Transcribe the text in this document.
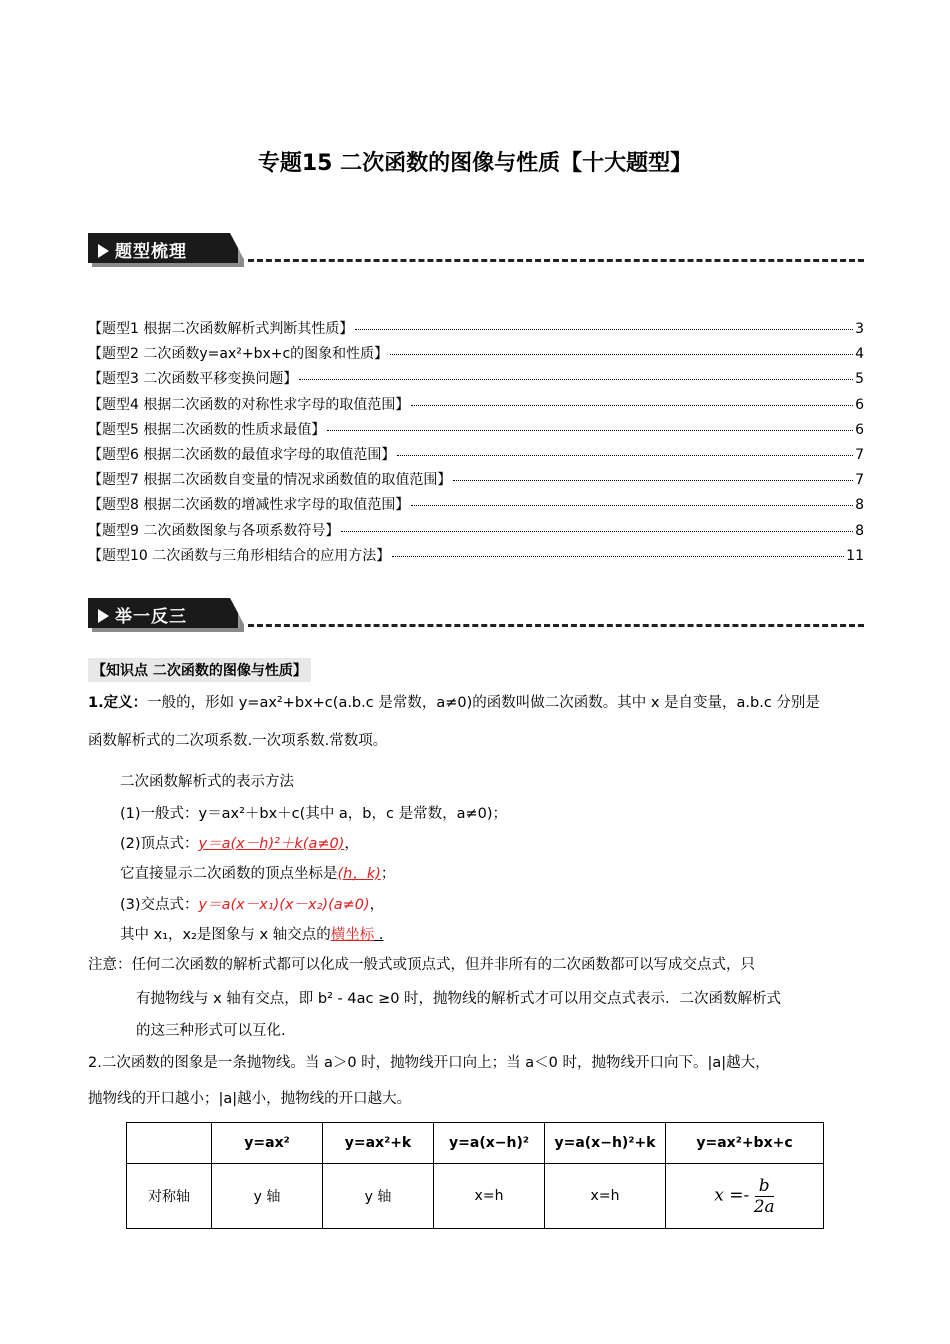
专题15 二次函数的图像与性质【十大题型】
题型梳理
【题型1 根据二次函数解析式判断其性质】	3
【题型2 二次函数y=ax²+bx+c的图象和性质】	4
【题型3 二次函数平移变换问题】	5
【题型4 根据二次函数的对称性求字母的取值范围】	6
【题型5 根据二次函数的性质求最值】	6
【题型6 根据二次函数的最值求字母的取值范围】	7
【题型7 根据二次函数自变量的情况求函数值的取值范围】	7
【题型8 根据二次函数的增减性求字母的取值范围】	8
【题型9 二次函数图象与各项系数符号】	8
【题型10 二次函数与三角形相结合的应用方法】	11
举一反三
【知识点 二次函数的图像与性质】
1.定义：一般的，形如 y=ax²+bx+c(a.b.c 是常数，a≠0)的函数叫做二次函数。其中 x 是自变量，a.b.c 分别是
函数解析式的二次项系数.一次项系数.常数项。
二次函数解析式的表示方法
(1)一般式：y＝ax²＋bx＋c(其中 a，b，c 是常数，a≠0)；
(2)顶点式：y＝a(x－h)²＋k(a≠0)，
它直接显示二次函数的顶点坐标是(h，k)；
(3)交点式：y＝a(x－x₁)(x－x₂)(a≠0)，
其中 x₁，x₂是图象与 x 轴交点的横坐标 .
注意：任何二次函数的解析式都可以化成一般式或顶点式，但并非所有的二次函数都可以写成交点式，只
有抛物线与 x 轴有交点，即 b² - 4ac ≥0 时，抛物线的解析式才可以用交点式表示．二次函数解析式
的这三种形式可以互化.
2.二次函数的图象是一条抛物线。当 a＞0 时，抛物线开口向上；当 a＜0 时，抛物线开口向下。|a|越大，
抛物线的开口越小；|a|越小，抛物线的开口越大。
	y=ax²	y=ax²+k	y=a(x−h)²	y=a(x−h)²+k	y=ax²+bx+c
对称轴	y 轴	y 轴	x=h	x=h	$x =- \frac{b}{2a}$
